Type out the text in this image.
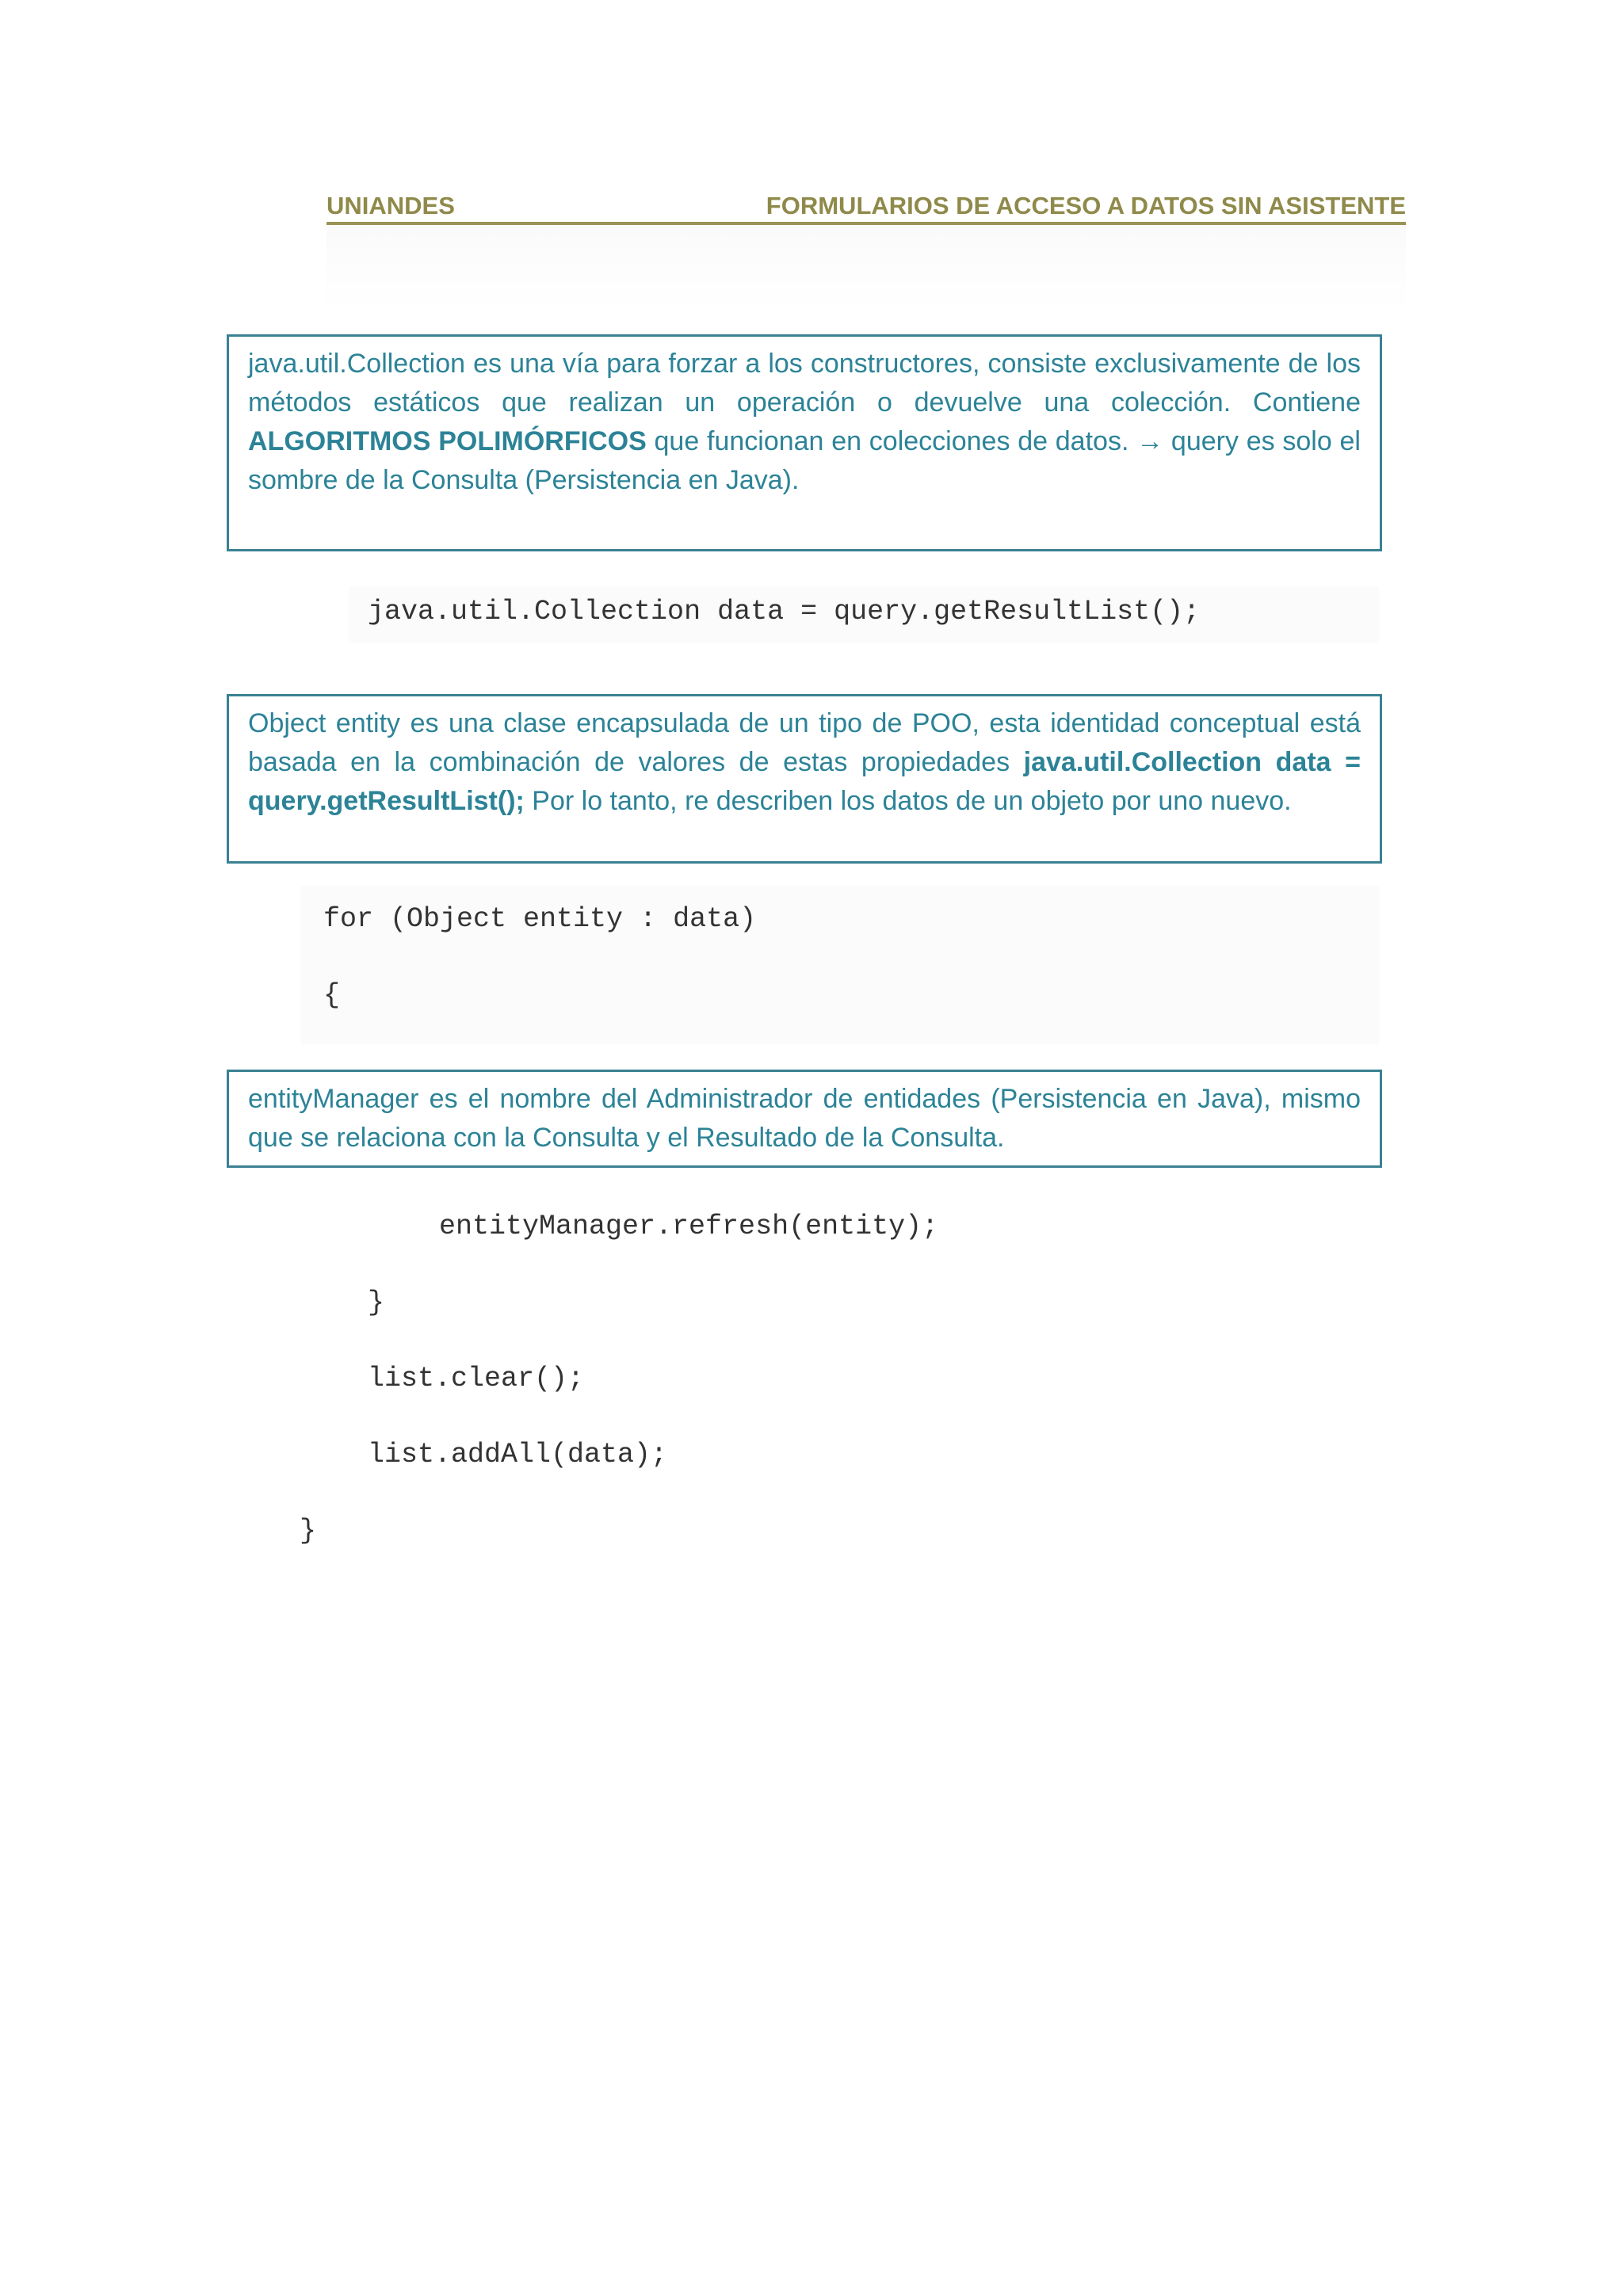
UNIANDES	FORMULARIOS DE ACCESO A DATOS SIN ASISTENTE
java.util.Collection es una vía para forzar a los constructores, consiste exclusivamente de los métodos estáticos que realizan un operación o devuelve una colección. Contiene ALGORITMOS POLIMÓRFICOS que funcionan en colecciones de datos. → query es solo el sombre de la Consulta (Persistencia en Java).
java.util.Collection data = query.getResultList();
Object entity es una clase encapsulada de un tipo de POO, esta identidad conceptual está basada en la combinación de valores de estas propiedades java.util.Collection data = query.getResultList(); Por lo tanto, re describen los datos de un objeto por uno nuevo.
for (Object entity : data)
{
entityManager es el nombre del Administrador de entidades (Persistencia en Java), mismo que se relaciona con la Consulta y el Resultado de la Consulta.
entityManager.refresh(entity);
}
list.clear();
list.addAll(data);
}
